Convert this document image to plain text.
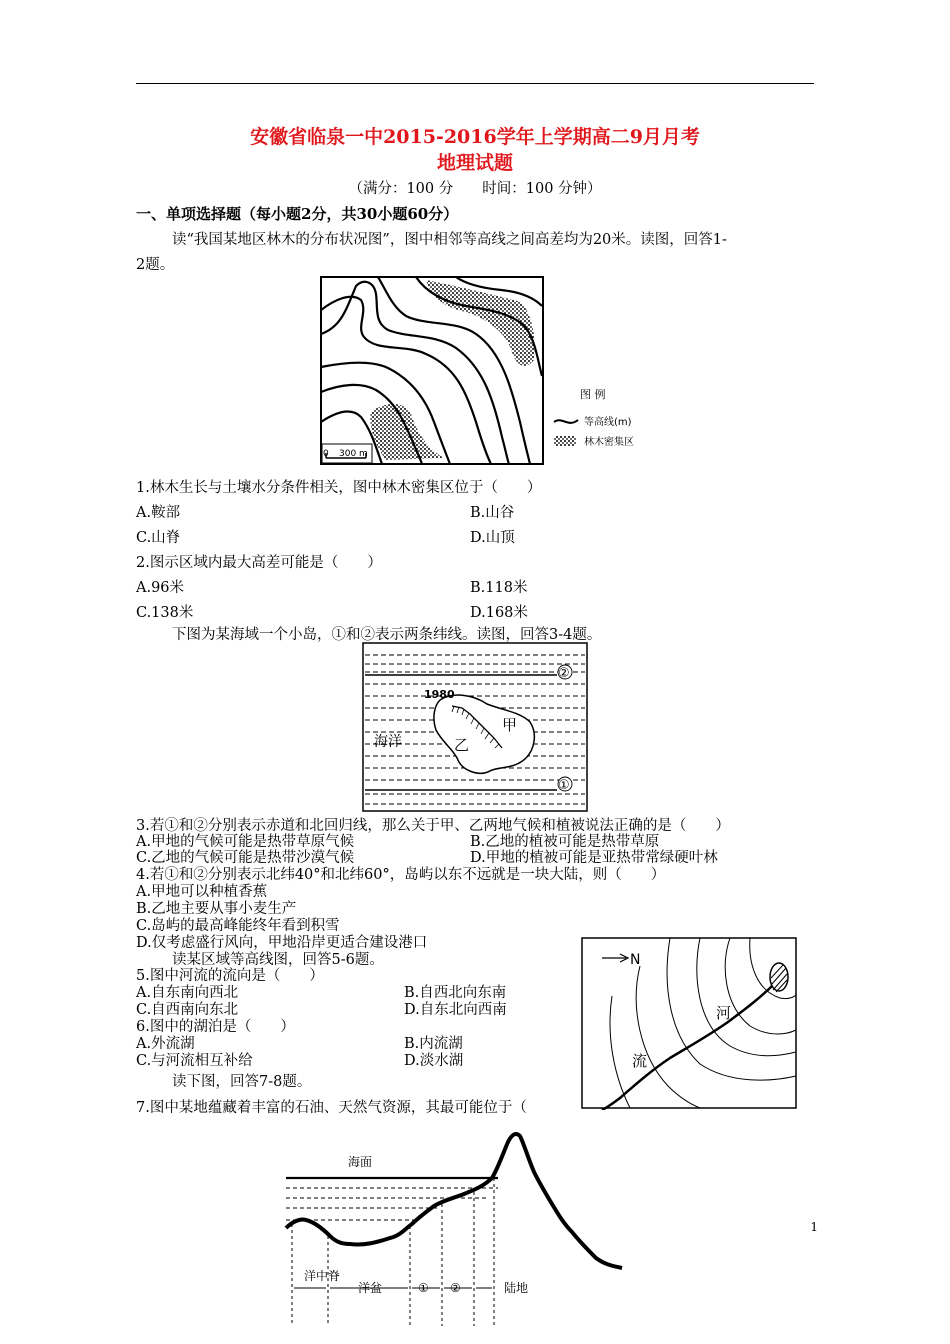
安徽省临泉一中2015-2016学年上学期高二9月月考
地理试题
（满分：100 分　　时间：100 分钟）
一、单项选择题（每小题2分，共30小题60分）
读“我国某地区林木的分布状况图”，图中相邻等高线之间高差均为20米。读图，回答1-
2题。
0 300 m
图 例
等高线(m)
林木密集区
1.林木生长与土壤水分条件相关，图中林木密集区位于（　　）
A.鞍部	B.山谷
C.山脊	D.山顶
2.图示区域内最大高差可能是（　　）
A.96米	B.118米
C.138米	D.168米
下图为某海域一个小岛，①和②表示两条纬线。读图，回答3-4题。
1980
海洋
甲
乙
②
①
3.若①和②分别表示赤道和北回归线，那么关于甲、乙两地气候和植被说法正确的是（　　）
A.甲地的气候可能是热带草原气候	B.乙地的植被可能是热带草原
C.乙地的气候可能是热带沙漠气候	D.甲地的植被可能是亚热带常绿硬叶林
4.若①和②分别表示北纬40°和北纬60°，岛屿以东不远就是一块大陆，则（　　）
A.甲地可以种植香蕉
B.乙地主要从事小麦生产
C.岛屿的最高峰能终年看到积雪
D.仅考虑盛行风向，甲地沿岸更适合建设港口
读某区域等高线图，回答5-6题。	N
河
流
5.图中河流的流向是（　　）
A.自东南向西北	B.自西北向东南
C.自西南向东北	D.自东北向西南
6.图中的湖泊是（　　）
A.外流湖	B.内流湖
C.与河流相互补给	D.淡水湖
读下图，回答7-8题。
7.图中某地蕴藏着丰富的石油、天然气资源，其最可能位于（
海面
洋中脊
洋盆	① ②	陆地
1
